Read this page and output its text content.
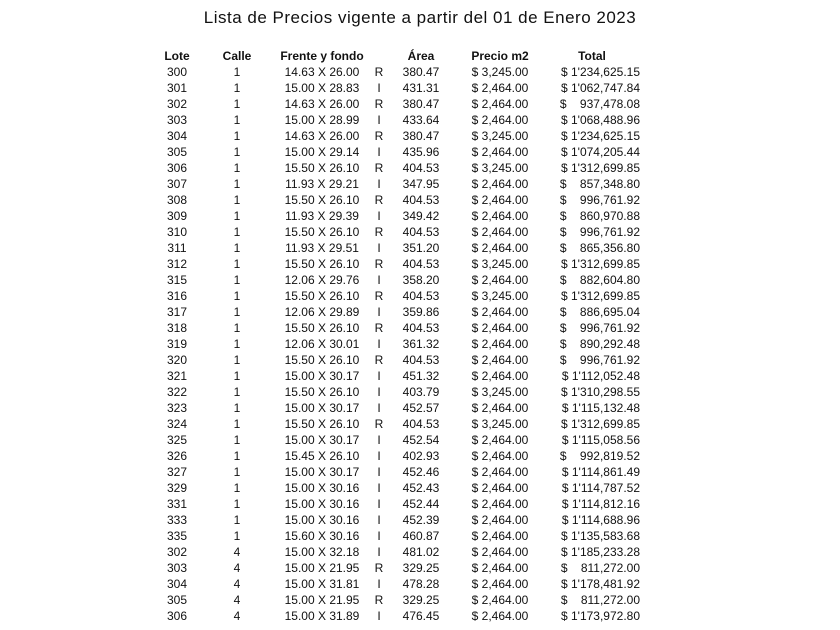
Lista de Precios vigente a partir del 01 de Enero 2023
Lote	Calle	Frente y fondo		Área	Precio m2	Total
300	1	14.63 X 26.00	R	380.47	$ 3,245.00	$ 1'234,625.15
301	1	15.00 X 28.83	I	431.31	$ 2,464.00	$ 1'062,747.84
302	1	14.63 X 26.00	R	380.47	$ 2,464.00	$    937,478.08
303	1	15.00 X 28.99	I	433.64	$ 2,464.00	$ 1'068,488.96
304	1	14.63 X 26.00	R	380.47	$ 3,245.00	$ 1'234,625.15
305	1	15.00 X 29.14	I	435.96	$ 2,464.00	$ 1'074,205.44
306	1	15.50 X 26.10	R	404.53	$ 3,245.00	$ 1'312,699.85
307	1	11.93 X 29.21	I	347.95	$ 2,464.00	$    857,348.80
308	1	15.50 X 26.10	R	404.53	$ 2,464.00	$    996,761.92
309	1	11.93 X 29.39	I	349.42	$ 2,464.00	$    860,970.88
310	1	15.50 X 26.10	R	404.53	$ 2,464.00	$    996,761.92
311	1	11.93 X 29.51	I	351.20	$ 2,464.00	$    865,356.80
312	1	15.50 X 26.10	R	404.53	$ 3,245.00	$ 1'312,699.85
315	1	12.06 X 29.76	I	358.20	$ 2,464.00	$    882,604.80
316	1	15.50 X 26.10	R	404.53	$ 3,245.00	$ 1'312,699.85
317	1	12.06 X 29.89	I	359.86	$ 2,464.00	$    886,695.04
318	1	15.50 X 26.10	R	404.53	$ 2,464.00	$    996,761.92
319	1	12.06 X 30.01	I	361.32	$ 2,464.00	$    890,292.48
320	1	15.50 X 26.10	R	404.53	$ 2,464.00	$    996,761.92
321	1	15.00 X 30.17	I	451.32	$ 2,464.00	$ 1'112,052.48
322	1	15.50 X 26.10	I	403.79	$ 3,245.00	$ 1'310,298.55
323	1	15.00 X 30.17	I	452.57	$ 2,464.00	$ 1'115,132.48
324	1	15.50 X 26.10	R	404.53	$ 3,245.00	$ 1'312,699.85
325	1	15.00 X 30.17	I	452.54	$ 2,464.00	$ 1'115,058.56
326	1	15.45 X 26.10	I	402.93	$ 2,464.00	$    992,819.52
327	1	15.00 X 30.17	I	452.46	$ 2,464.00	$ 1'114,861.49
329	1	15.00 X 30.16	I	452.43	$ 2,464.00	$ 1'114,787.52
331	1	15.00 X 30.16	I	452.44	$ 2,464.00	$ 1'114,812.16
333	1	15.00 X 30.16	I	452.39	$ 2,464.00	$ 1'114,688.96
335	1	15.60 X 30.16	I	460.87	$ 2,464.00	$ 1'135,583.68
302	4	15.00 X 32.18	I	481.02	$ 2,464.00	$ 1'185,233.28
303	4	15.00 X 21.95	R	329.25	$ 2,464.00	$    811,272.00
304	4	15.00 X 31.81	I	478.28	$ 2,464.00	$ 1'178,481.92
305	4	15.00 X 21.95	R	329.25	$ 2,464.00	$    811,272.00
306	4	15.00 X 31.89	I	476.45	$ 2,464.00	$ 1'173,972.80
